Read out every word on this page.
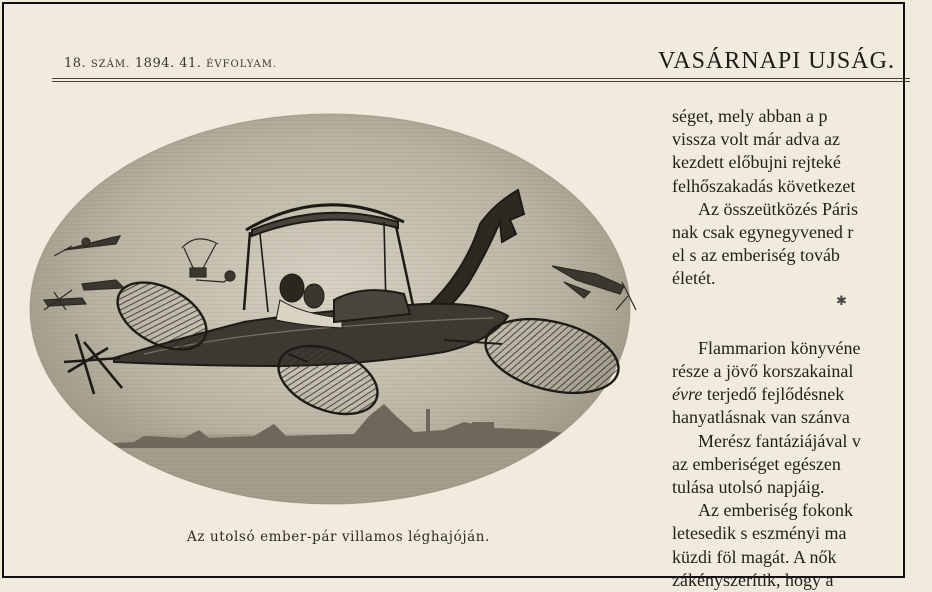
18. SZÁM. 1894. 41. ÉVFOLYAM.	VASÁRNAPI UJSÁG.
Az utolsó ember-pár villamos léghajóján.
séget, mely abban a p
vissza volt már adva az
kezdett előbujni rejteké
felhőszakadás következet
Az összeütközés Páris
nak csak egynegyvened r
el s az emberiség továb
életét.
✱
Flammarion könyvéne
része a jövő korszakainal
évre terjedő fejlődésnek
hanyatlásnak van szánva
Merész fantáziájával v
az emberiséget egészen
tulása utolsó napjáig.
Az emberiség fokonk
letesedik s eszményi ma
küzdi föl magát. A nők
zákényszerítik, hogy a
